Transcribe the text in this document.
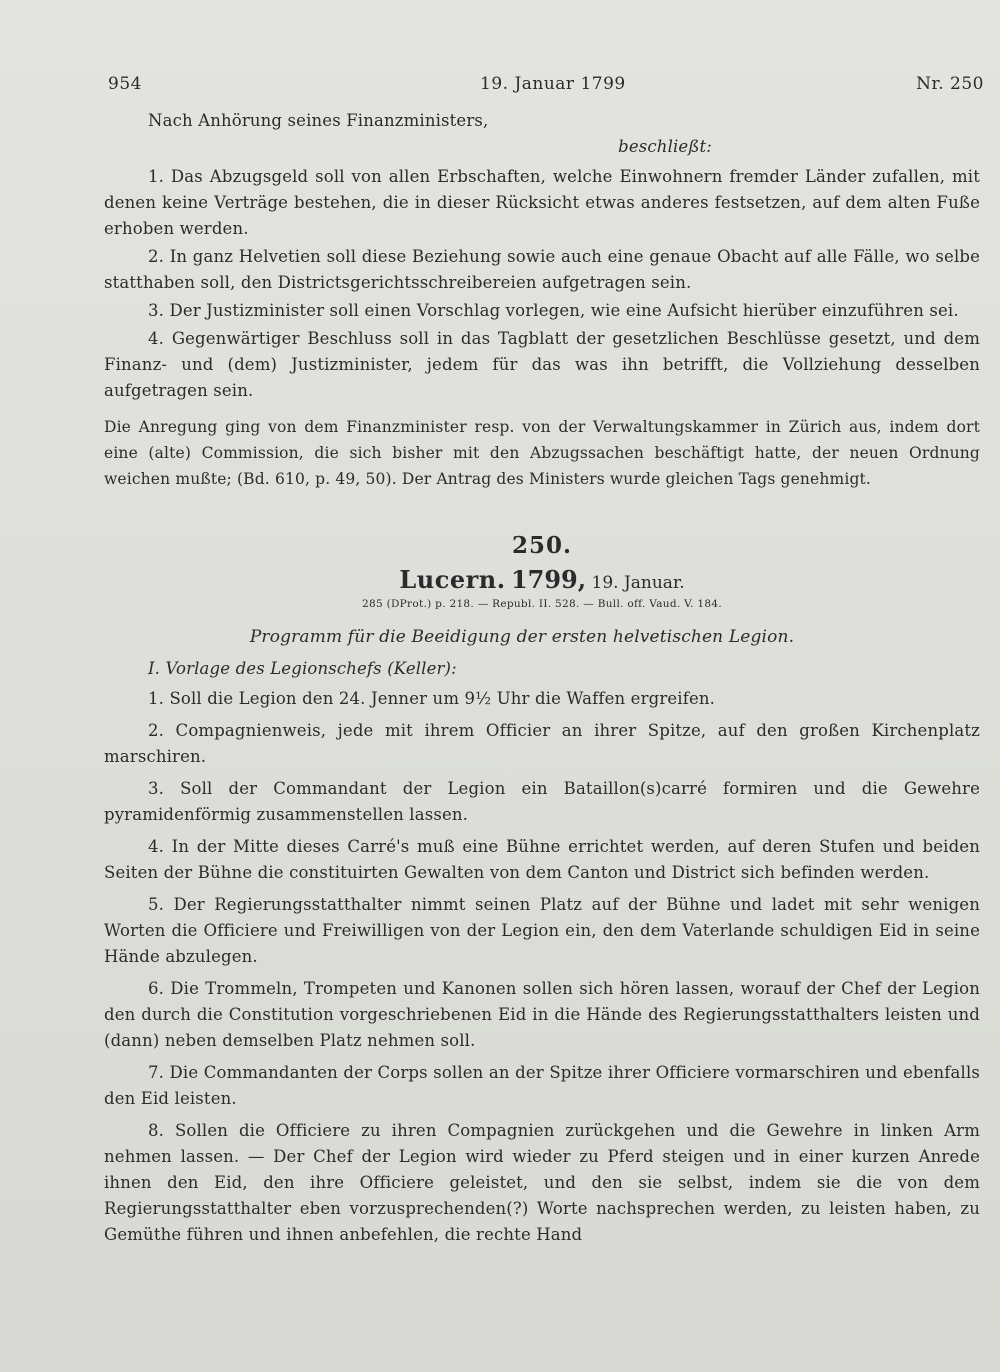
954	19. Januar 1799	Nr. 250

Nach Anhörung seines Finanzministers,

beschließt:

1. Das Abzugsgeld soll von allen Erbschaften, welche Einwohnern fremder Länder zufallen, mit denen keine Verträge bestehen, die in dieser Rücksicht etwas anderes festsetzen, auf dem alten Fuße erhoben werden.

2. In ganz Helvetien soll diese Beziehung sowie auch eine genaue Obacht auf alle Fälle, wo selbe statthaben soll, den Districtsgerichtsschreibereien aufgetragen sein.

3. Der Justizminister soll einen Vorschlag vorlegen, wie eine Aufsicht hierüber einzuführen sei.

4. Gegenwärtiger Beschluss soll in das Tagblatt der gesetzlichen Beschlüsse gesetzt, und dem Finanz- und (dem) Justizminister, jedem für das was ihn betrifft, die Vollziehung desselben aufgetragen sein.

Die Anregung ging von dem Finanzminister resp. von der Verwaltungskammer in Zürich aus, indem dort eine (alte) Commission, die sich bisher mit den Abzugssachen beschäftigt hatte, der neuen Ordnung weichen mußte; (Bd. 610, p. 49, 50). Der Antrag des Ministers wurde gleichen Tags genehmigt.

250.
Lucern. 1799, 19. Januar.
285 (DProt.) p. 218. — Republ. II. 528. — Bull. off. Vaud. V. 184.

Programm für die Beeidigung der ersten helvetischen Legion.

I. Vorlage des Legionschefs (Keller):

1. Soll die Legion den 24. Jenner um 9½ Uhr die Waffen ergreifen.

2. Compagnienweis, jede mit ihrem Officier an ihrer Spitze, auf den großen Kirchenplatz marschiren.

3. Soll der Commandant der Legion ein Bataillon(s)carré formiren und die Gewehre pyramidenförmig zusammenstellen lassen.

4. In der Mitte dieses Carré's muß eine Bühne errichtet werden, auf deren Stufen und beiden Seiten der Bühne die constituirten Gewalten von dem Canton und District sich befinden werden.

5. Der Regierungsstatthalter nimmt seinen Platz auf der Bühne und ladet mit sehr wenigen Worten die Officiere und Freiwilligen von der Legion ein, den dem Vaterlande schuldigen Eid in seine Hände abzulegen.

6. Die Trommeln, Trompeten und Kanonen sollen sich hören lassen, worauf der Chef der Legion den durch die Constitution vorgeschriebenen Eid in die Hände des Regierungsstatthalters leisten und (dann) neben demselben Platz nehmen soll.

7. Die Commandanten der Corps sollen an der Spitze ihrer Officiere vormarschiren und ebenfalls den Eid leisten.

8. Sollen die Officiere zu ihren Compagnien zurückgehen und die Gewehre in linken Arm nehmen lassen. — Der Chef der Legion wird wieder zu Pferd steigen und in einer kurzen Anrede ihnen den Eid, den ihre Officiere geleistet, und den sie selbst, indem sie die von dem Regierungsstatthalter eben vorzusprechenden(?) Worte nachsprechen werden, zu leisten haben, zu Gemüthe führen und ihnen anbefehlen, die rechte Hand
